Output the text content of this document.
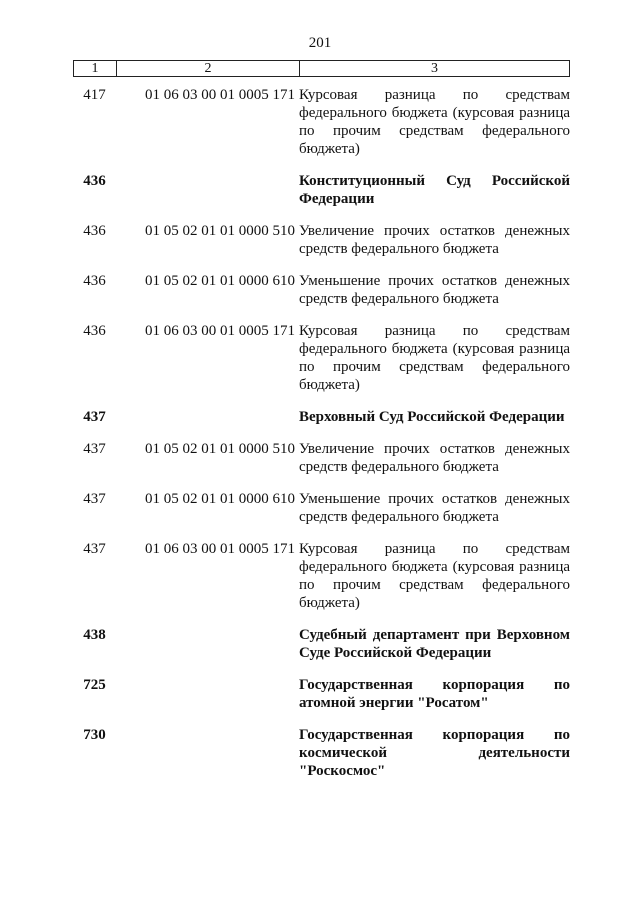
201
1	2	3
417	01 06 03 00 01 0005 171 Курсовая разница по средствам федерального бюджета (курсовая разница по прочим средствам федерального бюджета)
436	Конституционный Суд Российской Федерации
436	01 05 02 01 01 0000 510 Увеличение прочих остатков денежных средств федерального бюджета
436	01 05 02 01 01 0000 610 Уменьшение прочих остатков денежных средств федерального бюджета
436	01 06 03 00 01 0005 171 Курсовая разница по средствам федерального бюджета (курсовая разница по прочим средствам федерального бюджета)
437	Верховный Суд Российской Федерации
437	01 05 02 01 01 0000 510 Увеличение прочих остатков денежных средств федерального бюджета
437	01 05 02 01 01 0000 610 Уменьшение прочих остатков денежных средств федерального бюджета
437	01 06 03 00 01 0005 171 Курсовая разница по средствам федерального бюджета (курсовая разница по прочим средствам федерального бюджета)
438	Судебный департамент при Верховном Суде Российской Федерации
725	Государственная корпорация по атомной энергии "Росатом"
730	Государственная корпорация по космической деятельности "Роскосмос"
